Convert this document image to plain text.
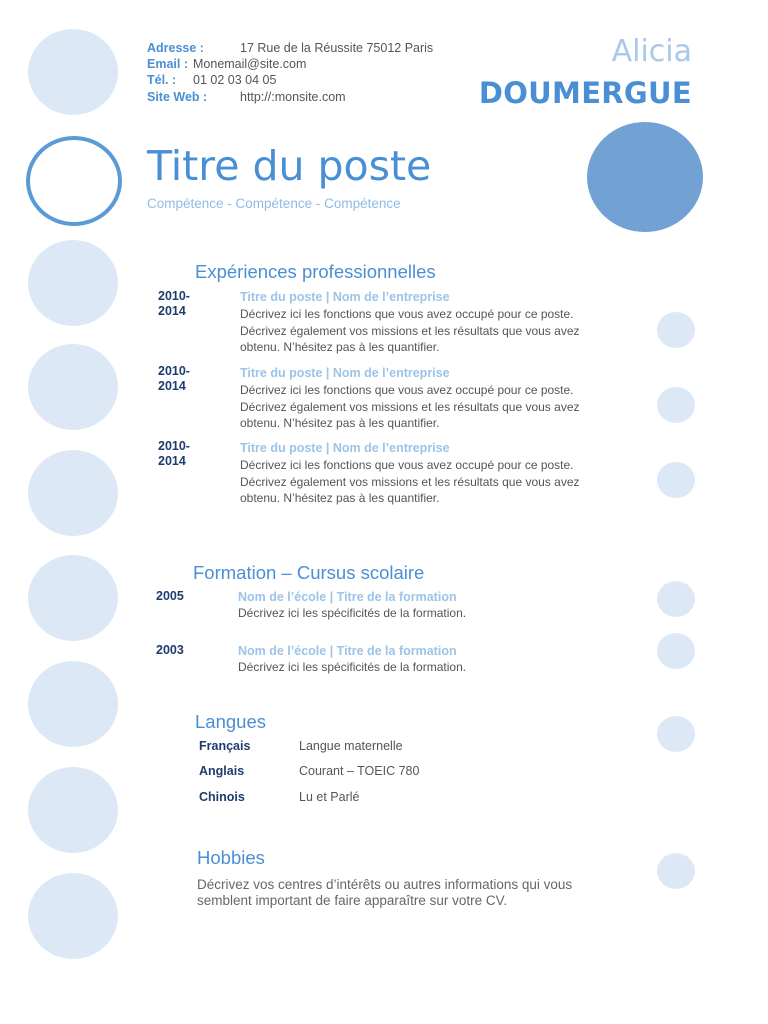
Adresse :	17 Rue de la Réussite 75012 Paris
Email : Monemail@site.com
Tél. : 01 02 03 04 05
Site Web :	http://:monsite.com
Alicia
DOUMERGUE
Titre du poste
Compétence - Compétence - Compétence
Expériences professionnelles
2010-
2014
Titre du poste | Nom de l’entreprise
Décrivez ici les fonctions que vous avez occupé pour ce poste. Décrivez également vos missions et les résultats que vous avez obtenu. N’hésitez pas à les quantifier.
2010-
2014
Titre du poste | Nom de l’entreprise
Décrivez ici les fonctions que vous avez occupé pour ce poste. Décrivez également vos missions et les résultats que vous avez obtenu. N’hésitez pas à les quantifier.
2010-
2014
Titre du poste | Nom de l’entreprise
Décrivez ici les fonctions que vous avez occupé pour ce poste. Décrivez également vos missions et les résultats que vous avez obtenu. N’hésitez pas à les quantifier.
Formation – Cursus scolaire
2005	Nom de l’école | Titre de la formation
Décrivez ici les spécificités de la formation.
2003	Nom de l’école | Titre de la formation
Décrivez ici les spécificités de la formation.
Langues
Français	Langue maternelle
Anglais	Courant – TOEIC 780
Chinois	Lu et Parlé
Hobbies
Décrivez vos centres d’intérêts ou autres informations qui vous semblent important de faire apparaître sur votre CV.
